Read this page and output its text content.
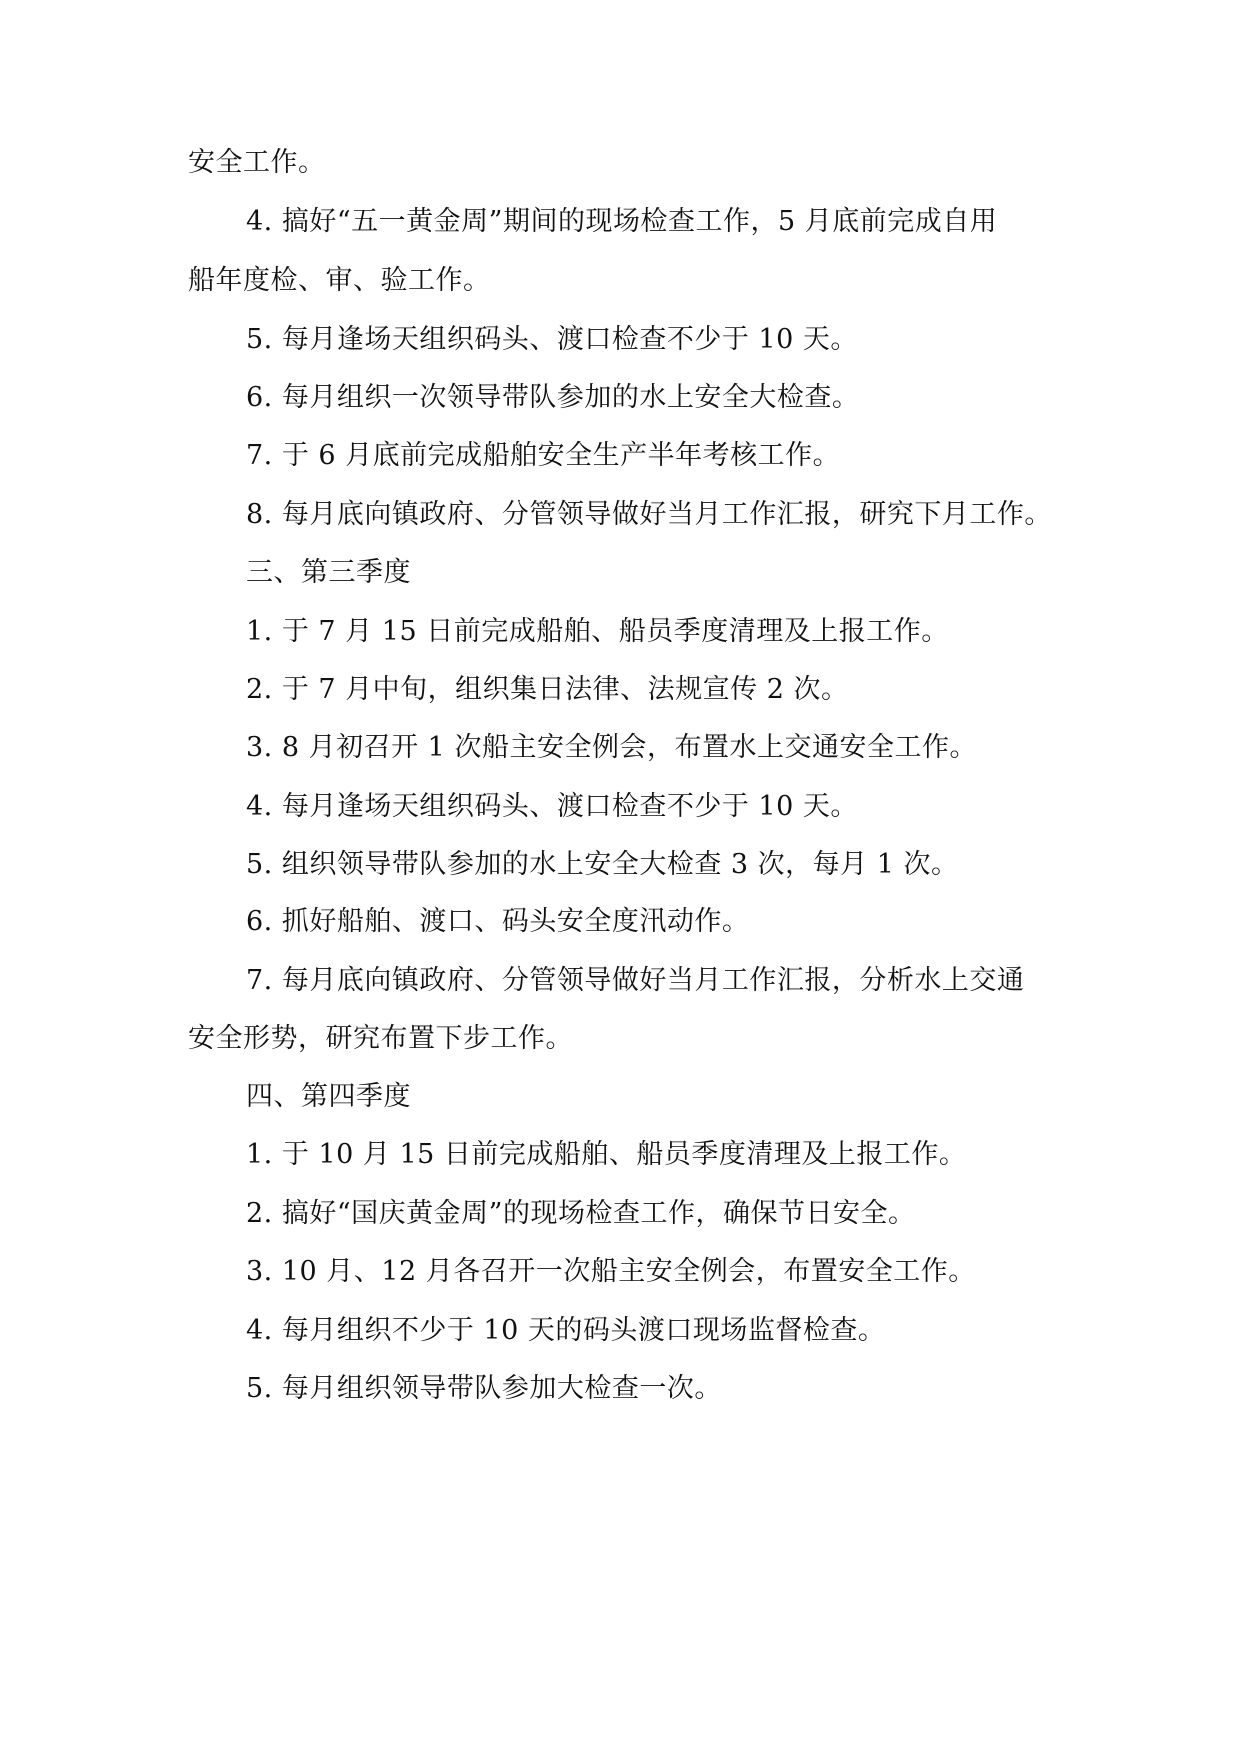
安全工作。
4. 搞好“五一黄金周”期间的现场检查工作，5 月底前完成自用
船年度检、审、验工作。
5. 每月逢场天组织码头、渡口检查不少于 10 天。
6. 每月组织一次领导带队参加的水上安全大检查。
7. 于 6 月底前完成船舶安全生产半年考核工作。
8. 每月底向镇政府、分管领导做好当月工作汇报，研究下月工作。
三、第三季度
1. 于 7 月 15 日前完成船舶、船员季度清理及上报工作。
2. 于 7 月中旬，组织集日法律、法规宣传 2 次。
3. 8 月初召开 1 次船主安全例会，布置水上交通安全工作。
4. 每月逢场天组织码头、渡口检查不少于 10 天。
5. 组织领导带队参加的水上安全大检查 3 次，每月 1 次。
6. 抓好船舶、渡口、码头安全度汛动作。
7. 每月底向镇政府、分管领导做好当月工作汇报，分析水上交通
安全形势，研究布置下步工作。
四、第四季度
1. 于 10 月 15 日前完成船舶、船员季度清理及上报工作。
2. 搞好“国庆黄金周”的现场检查工作，确保节日安全。
3. 10 月、12 月各召开一次船主安全例会，布置安全工作。
4. 每月组织不少于 10 天的码头渡口现场监督检查。
5. 每月组织领导带队参加大检查一次。
